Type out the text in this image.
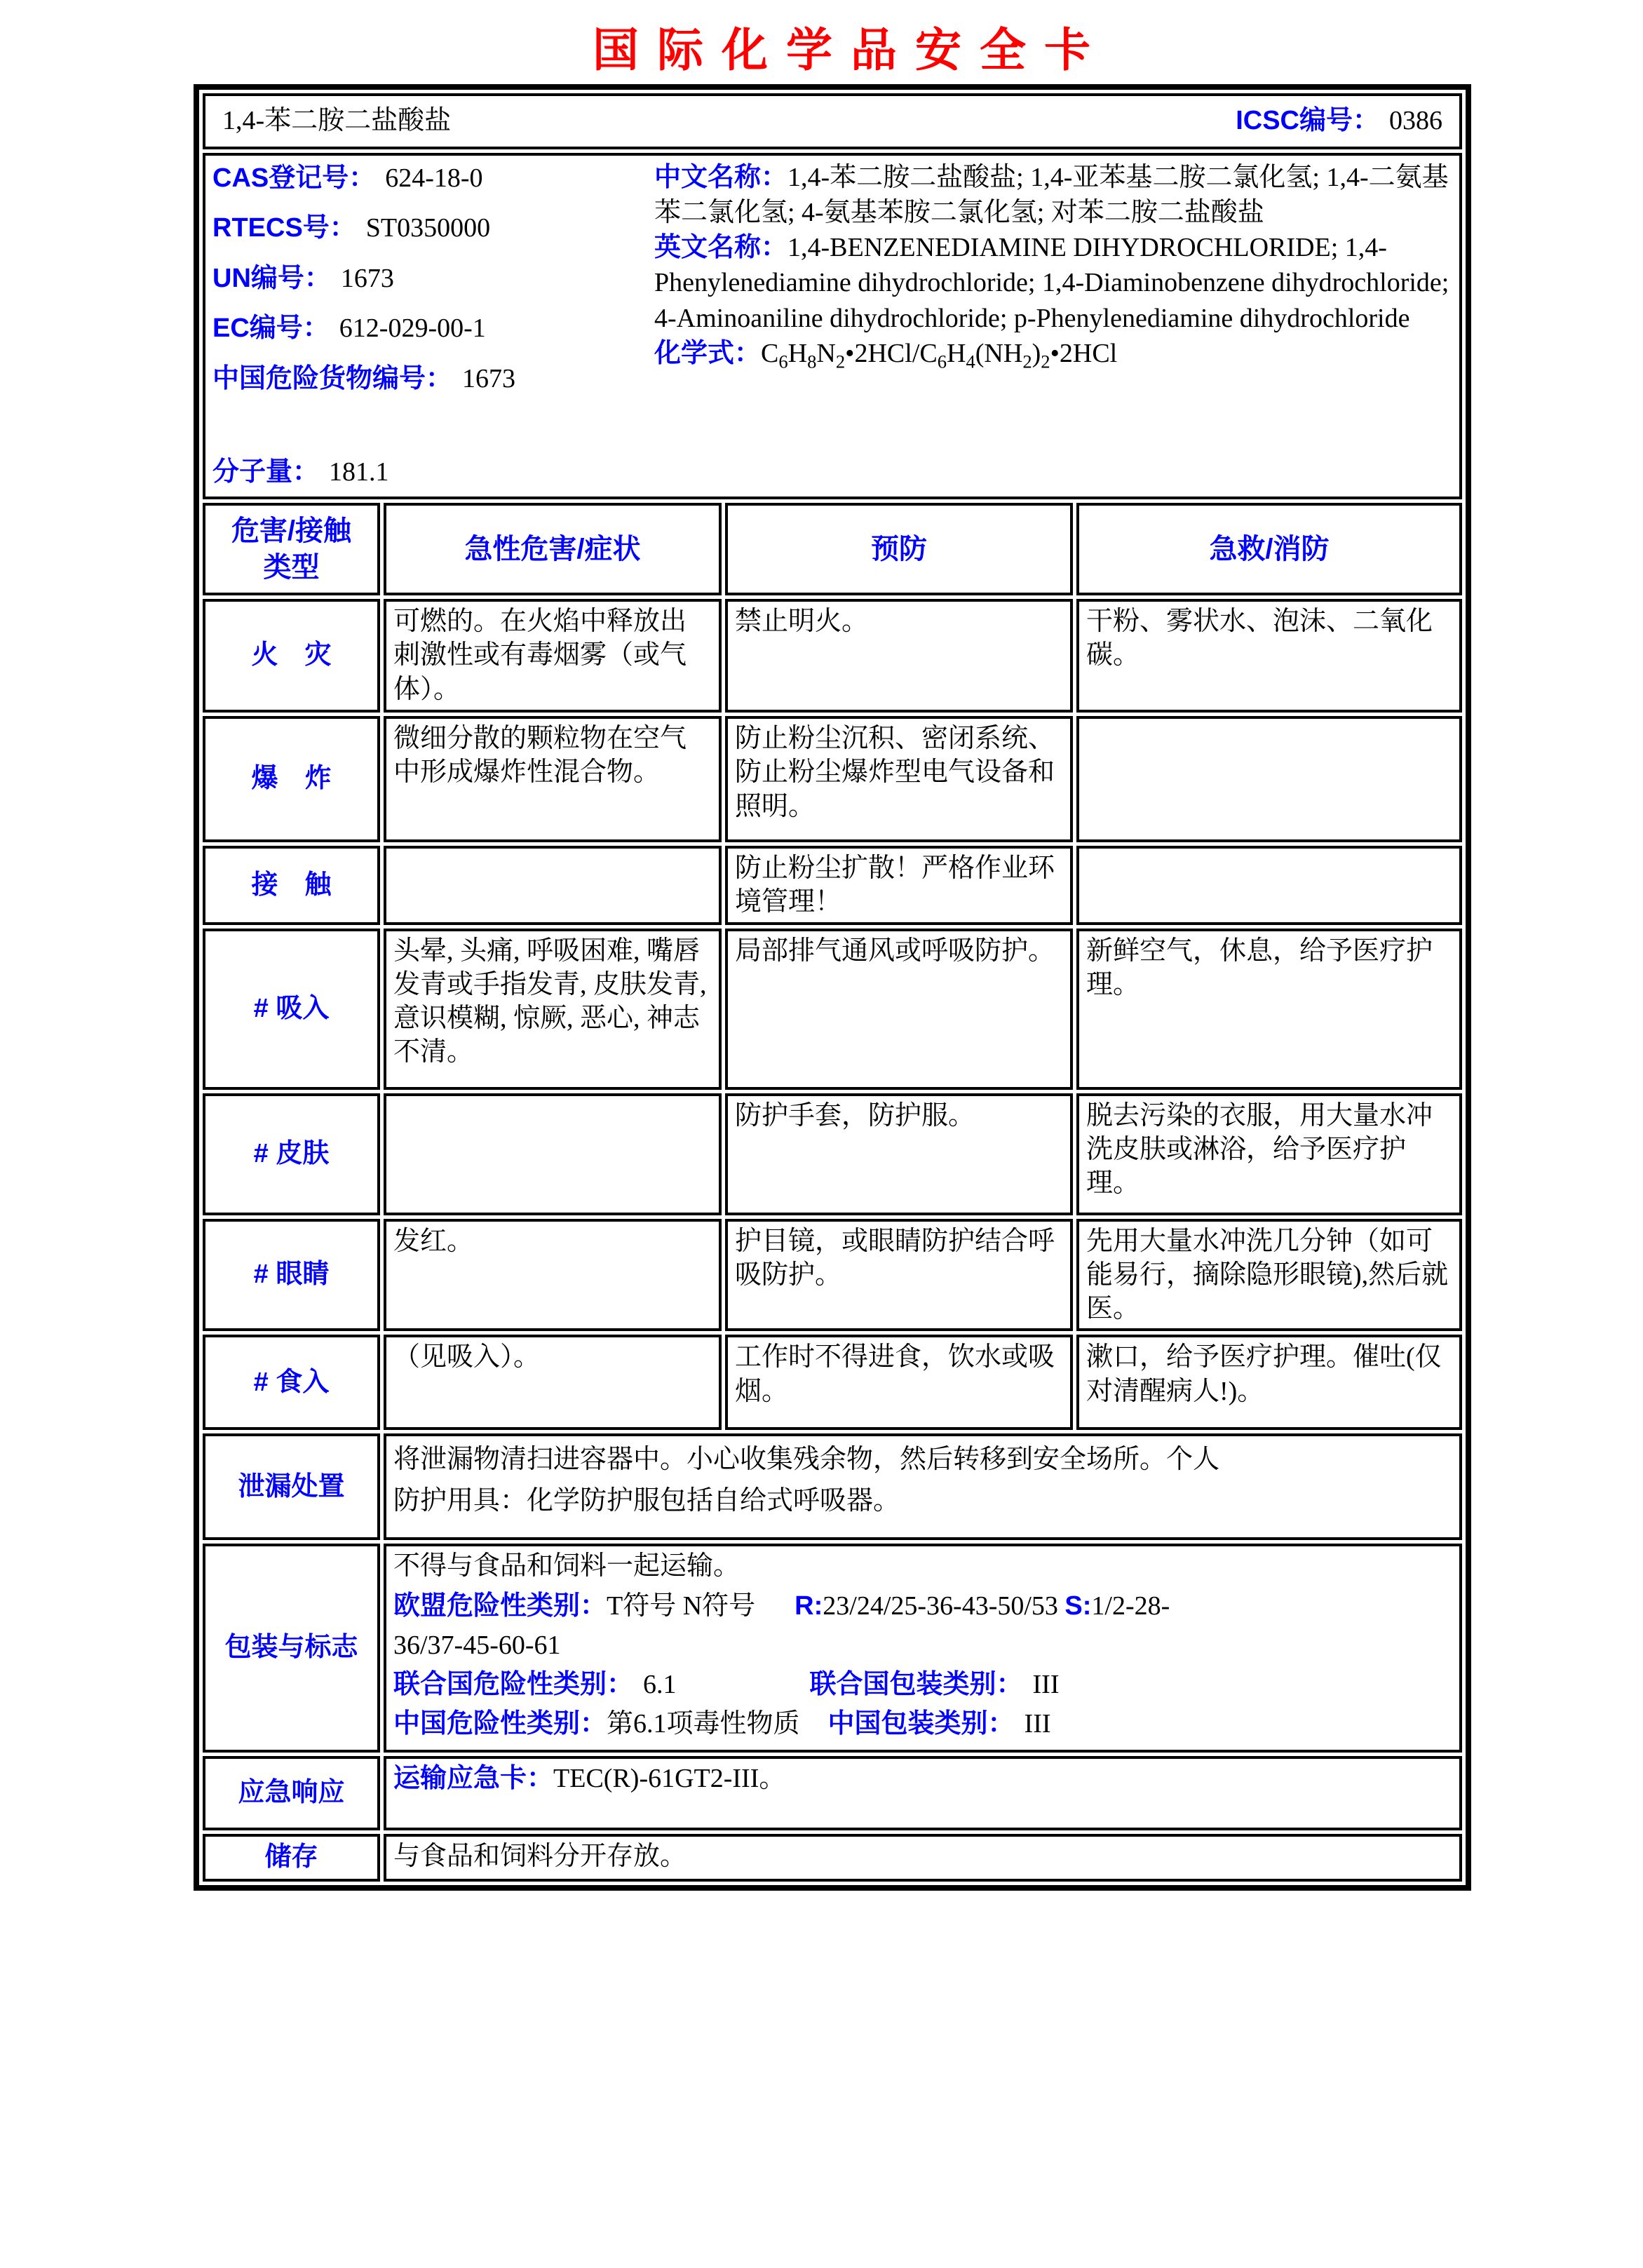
国际化学品安全卡
1,4-苯二胺二盐酸盐 ICSC编号： 0386			

CAS登记号： 624-18-0
RTECS号： ST0350000
UN编号： 1673
EC编号： 612-029-00-1
中国危险货物编号： 1673
分子量： 181.1
中文名称：1,4-苯二胺二盐酸盐; 1,4-亚苯基二胺二氯化氢; 1,4-二氨基苯二氯化氢; 4-氨基苯胺二氯化氢; 对苯二胺二盐酸盐
英文名称：1,4-BENZENEDIAMINE DIHYDROCHLORIDE; 1,4-Phenylenediamine dihydrochloride; 1,4-Diaminobenzene dihydrochloride; 4-Aminoaniline dihydrochloride; p-Phenylenediamine dihydrochloride
化学式：$C_6H_8N_2•2HCl/C_6H_4(NH_2)_2•2HCl$

危害/接触
类型	急性危害/症状	预防	急救/消防
火　灾	可燃的。在火焰中释放出刺激性或有毒烟雾（或气体）。	禁止明火。	干粉、雾状水、泡沫、二氧化碳。
爆　炸	微细分散的颗粒物在空气中形成爆炸性混合物。	防止粉尘沉积、密闭系统、防止粉尘爆炸型电气设备和照明。	
接　触		防止粉尘扩散！严格作业环境管理！	
# 吸入	头晕, 头痛, 呼吸困难, 嘴唇发青或手指发青, 皮肤发青, 意识模糊, 惊厥, 恶心, 神志不清。	局部排气通风或呼吸防护。	新鲜空气，休息，给予医疗护理。
# 皮肤		防护手套，防护服。	脱去污染的衣服，用大量水冲洗皮肤或淋浴，给予医疗护理。
# 眼睛	发红。	护目镜，或眼睛防护结合呼吸防护。	先用大量水冲洗几分钟（如可能易行，摘除隐形眼镜),然后就医。
# 食入	（见吸入）。	工作时不得进食，饮水或吸烟。	漱口，给予医疗护理。催吐(仅对清醒病人!)。
泄漏处置	将泄漏物清扫进容器中。小心收集残余物，然后转移到安全场所。个人防护用具：化学防护服包括自给式呼吸器。		

包装与标志	不得与食品和饲料一起运输。
欧盟危险性类别：T符号 N符号 R:23/24/25-36-43-50/53 S:1/2-28-
36/37-45-60-61
联合国危险性类别： 6.1 联合国包装类别： III
中国危险性类别：第6.1项毒性物质 中国包装类别： III		

应急响应	运输应急卡：TEC(R)-61GT2-III。		
储存	与食品和饲料分开存放。		
